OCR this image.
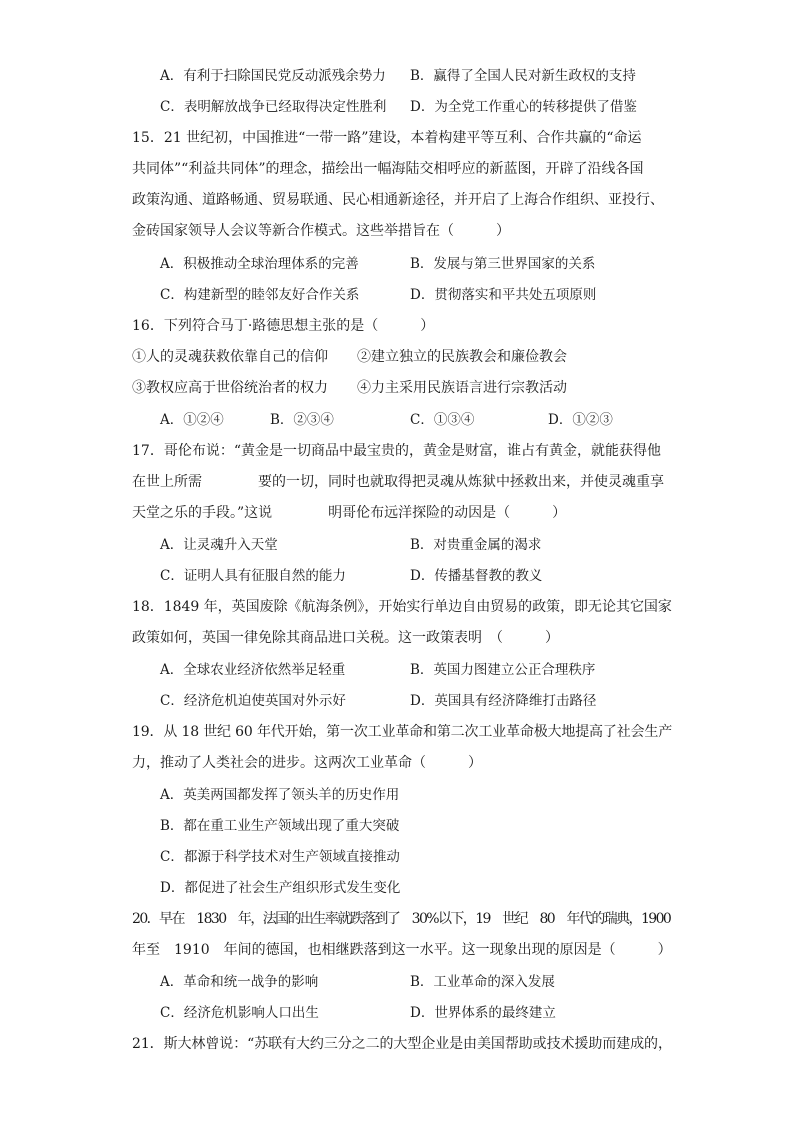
A．有利于扫除国民党反动派残余势力 B．赢得了全国人民对新生政权的支持
C．表明解放战争已经取得决定性胜利 D．为全党工作重心的转移提供了借鉴
15．21 世纪初，中国推进“一带一路”建设，本着构建平等互利、合作共赢的“命运
共同体”“利益共同体”的理念，描绘出一幅海陆交相呼应的新蓝图，开辟了沿线各国
政策沟通、道路畅通、贸易联通、民心相通新途径，并开启了上海合作组织、亚投行、
金砖国家领导人会议等新合作模式。这些举措旨在（　　　）
A．积极推动全球治理体系的完善	B．发展与第三世界国家的关系
C．构建新型的睦邻友好合作关系	D．贯彻落实和平共处五项原则
16．下列符合马丁·路德思想主张的是（　　　）
①人的灵魂获救依靠自己的信仰 ②建立独立的民族教会和廉俭教会
③教权应高于世俗统治者的权力 ④力主采用民族语言进行宗教活动
A．①②④	B．②③④	C．①③④	D．①②③
17．哥伦布说：“黄金是一切商品中最宝贵的，黄金是财富，谁占有黄金，就能获得他
在世上所需　　　　要的一切，同时也就取得把灵魂从炼狱中拯救出来，并使灵魂重享
天堂之乐的手段。”这说　　　　明哥伦布远洋探险的动因是（　　　）
A．让灵魂升入天堂	B．对贵重金属的渴求
C．证明人具有征服自然的能力	D．传播基督教的教义
18．1849 年，英国废除《航海条例》，开始实行单边自由贸易的政策，即无论其它国家
政策如何，英国一律免除其商品进口关税。这一政策表明　（　　　）
A．全球农业经济依然举足轻重	B．英国力图建立公正合理秩序
C．经济危机迫使英国对外示好	D．英国具有经济降维打击路径
19．从 18 世纪 60 年代开始，第一次工业革命和第二次工业革命极大地提高了社会生产
力，推动了人类社会的进步。这两次工业革命（　　　）
A．英美两国都发挥了领头羊的历史作用
B．都在重工业生产领域出现了重大突破
C．都源于科学技术对生产领域直接推动
D．都促进了社会生产组织形式发生变化
20．早在　1830　年，法国的出生率就跌落到了　30%以下，19　世纪　80　年代的瑞典，1900
年至　1910　年间的德国，也相继跌落到这一水平。这一现象出现的原因是（　　　）
A．革命和统一战争的影响	B．工业革命的深入发展
C．经济危机影响人口出生	D．世界体系的最终建立
21．斯大林曾说：“苏联有大约三分之二的大型企业是由美国帮助或技术援助而建成的，
